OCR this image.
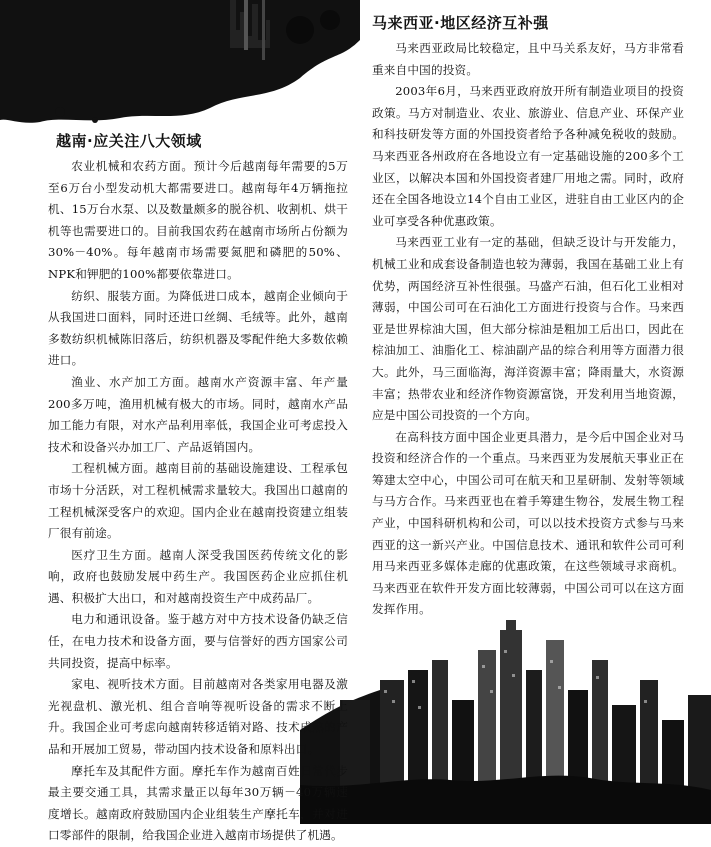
越南·应关注八大领域

农业机械和农药方面。预计今后越南每年需要的5万至6万台小型发动机大都需要进口。越南每年4万辆拖拉机、15万台水泵、以及数量颇多的脱谷机、收割机、烘干机等也需要进口的。目前我国农药在越南市场所占份额为30%－40%。每年越南市场需要氮肥和磷肥的50%、NPK和钾肥的100%都要依靠进口。

纺织、服装方面。为降低进口成本，越南企业倾向于从我国进口面料，同时还进口丝绸、毛绒等。此外，越南多数纺织机械陈旧落后，纺织机器及零配件绝大多数依赖进口。

渔业、水产加工方面。越南水产资源丰富、年产量200多万吨，渔用机械有极大的市场。同时，越南水产品加工能力有限，对水产品利用率低，我国企业可考虑投入技术和设备兴办加工厂、产品返销国内。

工程机械方面。越南目前的基础设施建设、工程承包市场十分活跃，对工程机械需求量较大。我国出口越南的工程机械深受客户的欢迎。国内企业在越南投资建立组装厂很有前途。

医疗卫生方面。越南人深受我国医药传统文化的影响，政府也鼓励发展中药生产。我国医药企业应抓住机遇、积极扩大出口，和对越南投资生产中成药品厂。

电力和通讯设备。鉴于越方对中方技术设备仍缺乏信任，在电力技术和设备方面，要与信誉好的西方国家公司共同投资，提高中标率。

家电、视听技术方面。目前越南对各类家用电器及激光视盘机、激光机、组合音响等视听设备的需求不断上升。我国企业可考虑向越南转移适销对路、技术成熟的产品和开展加工贸易，带动国内技术设备和原料出口。

摩托车及其配件方面。摩托车作为越南百姓日常代步最主要交通工具，其需求量正以每年30万辆－40万辆速度增长。越南政府鼓励国内企业组装生产摩托车，并对进口零部件的限制，给我国企业进入越南市场提供了机遇。

马来西亚·地区经济互补强

马来西亚政局比较稳定，且中马关系友好，马方非常看重来自中国的投资。

2003年6月，马来西亚政府放开所有制造业项目的投资政策。马方对制造业、农业、旅游业、信息产业、环保产业和科技研发等方面的外国投资者给予各种减免税收的鼓励。马来西亚各州政府在各地设立有一定基础设施的200多个工业区，以解决本国和外国投资者建厂用地之需。同时，政府还在全国各地设立14个自由工业区，进驻自由工业区内的企业可享受各种优惠政策。

马来西亚工业有一定的基础，但缺乏设计与开发能力，机械工业和成套设备制造也较为薄弱，我国在基础工业上有优势，两国经济互补性很强。马盛产石油，但石化工业相对薄弱，中国公司可在石油化工方面进行投资与合作。马来西亚是世界棕油大国，但大部分棕油是粗加工后出口，因此在棕油加工、油脂化工、棕油副产品的综合利用等方面潜力很大。此外，马三面临海，海洋资源丰富；降雨量大，水资源丰富；热带农业和经济作物资源富饶，开发利用当地资源，应是中国公司投资的一个方向。

在高科技方面中国企业更具潜力，是今后中国企业对马投资和经济合作的一个重点。马来西亚为发展航天事业正在筹建太空中心，中国公司可在航天和卫星研制、发射等领域与马方合作。马来西亚也在着手筹建生物谷，发展生物工程产业，中国科研机构和公司，可以以技术投资方式参与马来西亚的这一新兴产业。中国信息技术、通讯和软件公司可利用马来西亚多媒体走廊的优惠政策，在这些领域寻求商机。马来西亚在软件开发方面比较薄弱，中国公司可以在这方面发挥作用。
